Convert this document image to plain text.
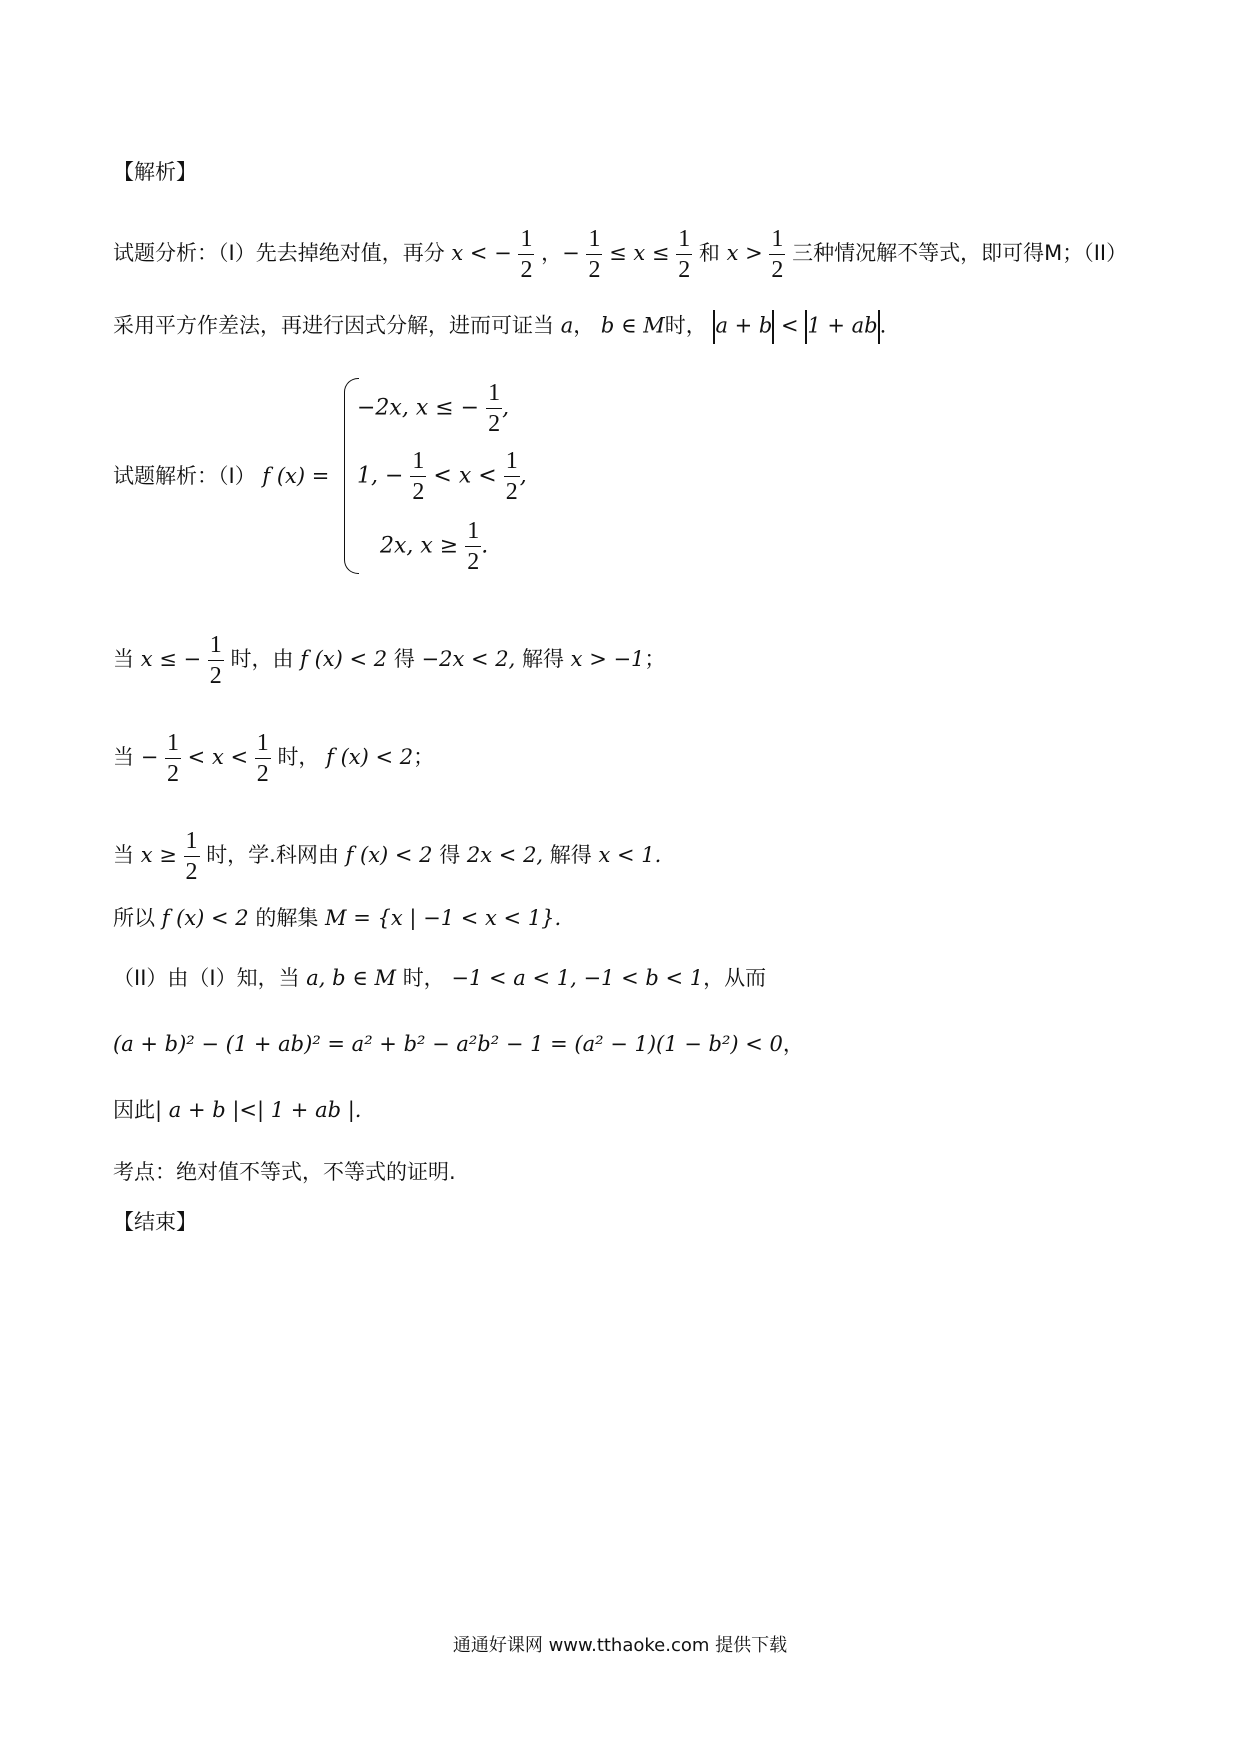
【解析】
试题分析：（I）先去掉绝对值，再分 x < − $\frac{1}{2}$ ，− $\frac{1}{2} \le x \le \frac{1}{2}$ 和 $x > \frac{1}{2}$ 三种情况解不等式，即可得M；（II）
采用平方作差法，再进行因式分解，进而可证当 a， b ∈ M时， a + b < 1 + ab.
试题解析：（I） f (x) =
−2x, x ≤ − $\frac{1}{2}$ ,
1, − $\frac{1}{2} < x < \frac{1}{2}$ ,
2x, $x \ge \frac{1}{2}$ .
当 x ≤ − $\frac{1}{2}$ 时，由 f (x) < 2 得 −2x < 2, 解得 x > −1；
当 − $\frac{1}{2} < x < \frac{1}{2}$ 时， f (x) < 2；
当 $x \ge \frac{1}{2}$ 时，学.科网由 f (x) < 2 得 2x < 2, 解得 x < 1.
所以 f (x) < 2 的解集 M = {x | −1 < x < 1}.
（II）由（I）知，当 a, b ∈ M 时， −1 < a < 1, −1 < b < 1，从而
(a + b)² − (1 + ab)² = a² + b² − a²b² − 1 = (a² − 1)(1 − b²) < 0，
因此| a + b |<| 1 + ab |.
考点：绝对值不等式，不等式的证明.
【结束】
通通好课网 www.tthaoke.com 提供下载
